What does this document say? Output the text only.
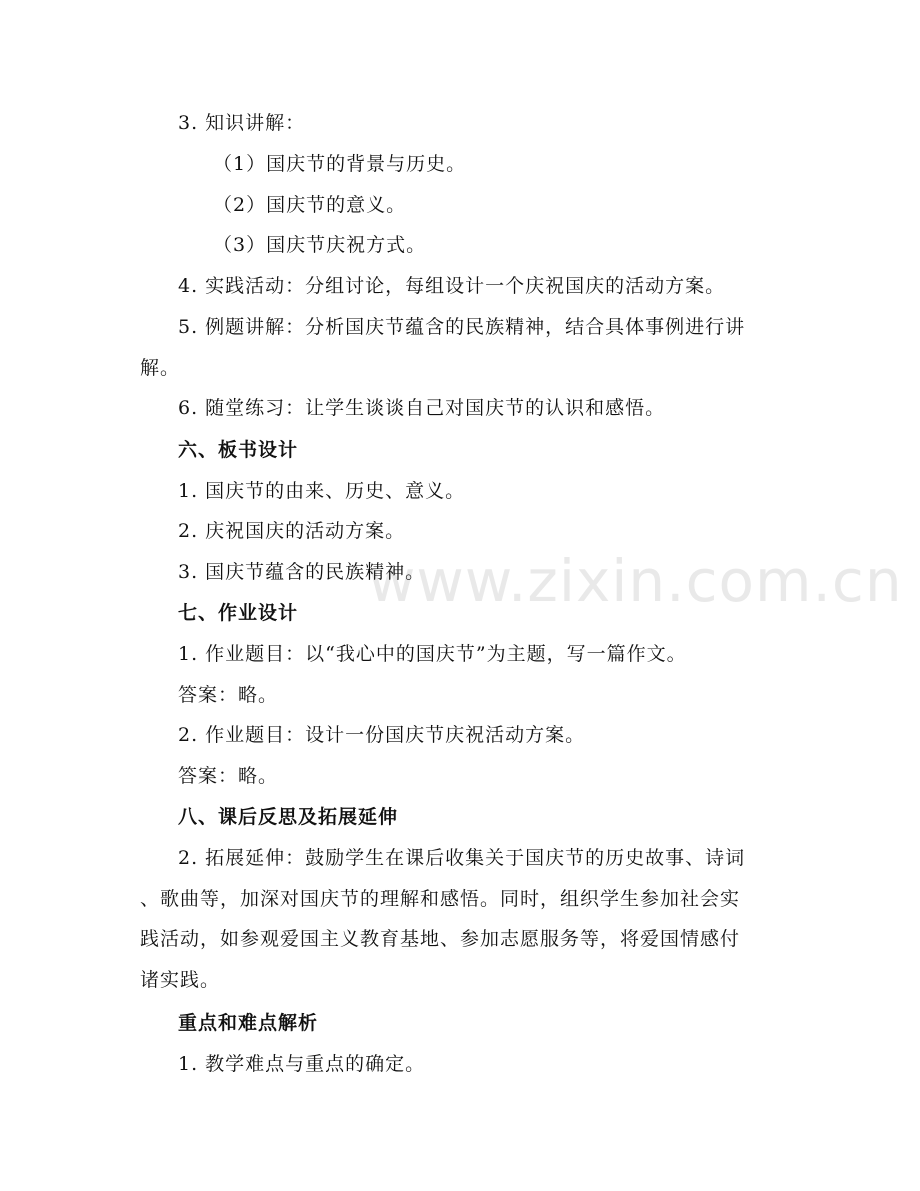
www.zixin.com.cn
3. 知识讲解：
（1）国庆节的背景与历史。
（2）国庆节的意义。
（3）国庆节庆祝方式。
4. 实践活动：分组讨论，每组设计一个庆祝国庆的活动方案。
5. 例题讲解：分析国庆节蕴含的民族精神，结合具体事例进行讲
解。
6. 随堂练习：让学生谈谈自己对国庆节的认识和感悟。
六、板书设计
1. 国庆节的由来、历史、意义。
2. 庆祝国庆的活动方案。
3. 国庆节蕴含的民族精神。
七、作业设计
1. 作业题目：以“我心中的国庆节”为主题，写一篇作文。
答案：略。
2. 作业题目：设计一份国庆节庆祝活动方案。
答案：略。
八、课后反思及拓展延伸
2. 拓展延伸：鼓励学生在课后收集关于国庆节的历史故事、诗词
、歌曲等，加深对国庆节的理解和感悟。同时，组织学生参加社会实
践活动，如参观爱国主义教育基地、参加志愿服务等，将爱国情感付
诸实践。
重点和难点解析
1. 教学难点与重点的确定。
